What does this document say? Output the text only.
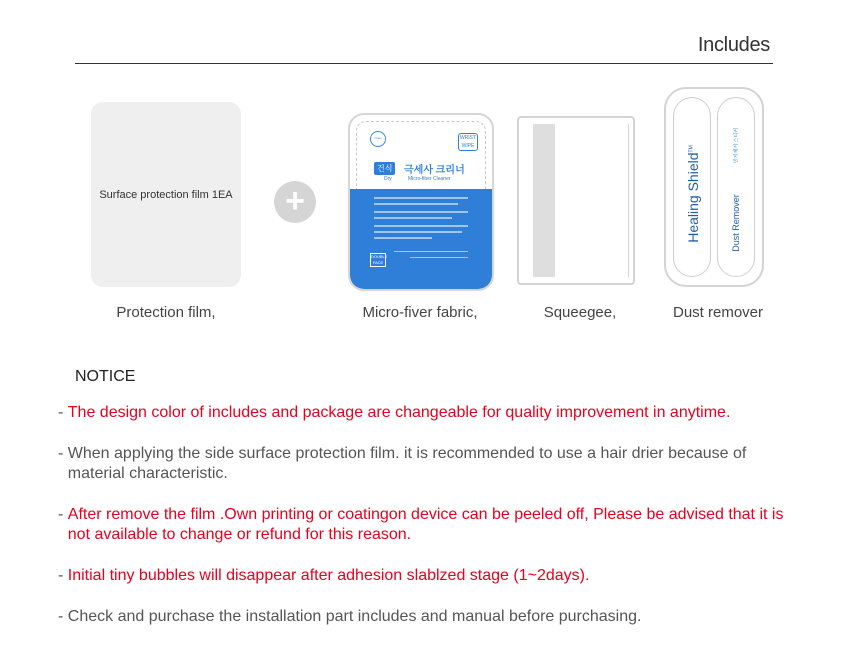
Includes
Surface protection film 1EA	+
crnex	WRIST WIPE
건식	극세사 크리너
Dry	Micro-fiber Cleaner
DOUBLE FACE
Healing Shield™	먼지제거 스티커
Dust Remover
Protection film,	Micro-fiver fabric,	Squeegee,	Dust remover
NOTICE
- The design color of includes and package are changeable for quality improvement in anytime.
- When applying the side surface protection film. it is recommended to use a hair drier because of material characteristic.
- After remove the film .Own printing or coatingon device can be peeled off, Please be advised that it is not available to change or refund for this reason.
- Initial tiny bubbles will disappear after adhesion slablzed stage (1~2days).
- Check and purchase the installation part includes and manual before purchasing.
